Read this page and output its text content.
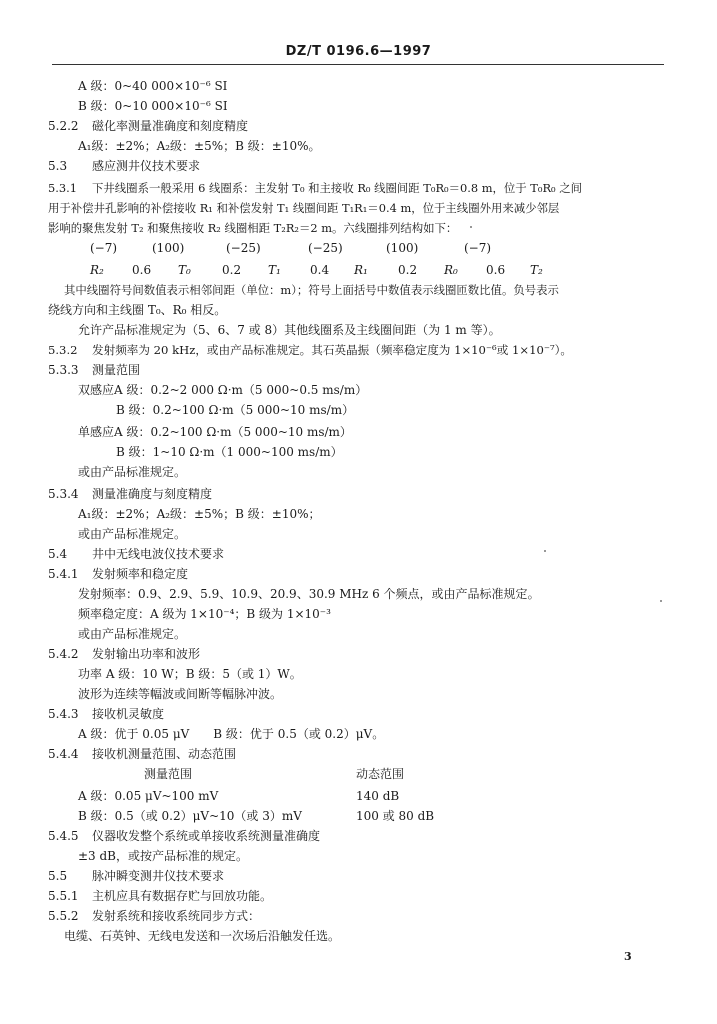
DZ/T 0196.6—1997
A 级：0~40 000×10⁻⁶ SI
B 级：0~10 000×10⁻⁶ SI
5.2.2 磁化率测量准确度和刻度精度
A₁级：±2%；A₂级：±5%；B 级：±10%。
5.3 感应测井仪技术要求
5.3.1 下井线圈系一般采用 6 线圈系：主发射 T₀ 和主接收 R₀ 线圈间距 T₀R₀＝0.8 m，位于 T₀R₀ 之间
用于补偿井孔影响的补偿接收 R₁ 和补偿发射 T₁ 线圈间距 T₁R₁＝0.4 m，位于主线圈外用来减少邻层
影响的聚焦发射 T₂ 和聚焦接收 R₂ 线圈相距 T₂R₂＝2 m。六线圈排列结构如下：
(−7)	(100)	(−25)	(−25)	(100)	(−7)
R₂ 0.6 T₀	0.2 T₁ 0.4 R₁	0.2 R₀ 0.6 T₂
其中线圈符号间数值表示相邻间距（单位：m）；符号上面括号中数值表示线圈匝数比值。负号表示
绕线方向和主线圈 T₀、R₀ 相反。
允许产品标准规定为（5、6、7 或 8）其他线圈系及主线圈间距（为 1 m 等）。
5.3.2 发射频率为 20 kHz，或由产品标准规定。其石英晶振（频率稳定度为 1×10⁻⁶或 1×10⁻⁷）。
5.3.3 测量范围
双感应A 级：0.2~2 000 Ω·m（5 000~0.5 ms/m）
B 级：0.2~100 Ω·m（5 000~10 ms/m）
单感应A 级：0.2~100 Ω·m（5 000~10 ms/m）
B 级：1~10 Ω·m（1 000~100 ms/m）
或由产品标准规定。
5.3.4 测量准确度与刻度精度
A₁级：±2%；A₂级：±5%；B 级：±10%；
或由产品标准规定。
5.4 井中无线电波仪技术要求
5.4.1 发射频率和稳定度
发射频率：0.9、2.9、5.9、10.9、20.9、30.9 MHz 6 个频点，或由产品标准规定。
频率稳定度：A 级为 1×10⁻⁴；B 级为 1×10⁻³
或由产品标准规定。
5.4.2 发射输出功率和波形
功率 A 级：10 W；B 级：5（或 1）W。
波形为连续等幅波或间断等幅脉冲波。
5.4.3 接收机灵敏度
A 级：优于 0.05 μV　　B 级：优于 0.5（或 0.2）μV。
5.4.4 接收机测量范围、动态范围
测量范围	动态范围
A 级：0.05 μV~100 mV	140 dB
B 级：0.5（或 0.2）μV~10（或 3）mV	100 或 80 dB
5.4.5 仪器收发整个系统或单接收系统测量准确度
±3 dB，或按产品标准的规定。
5.5 脉冲瞬变测井仪技术要求
5.5.1 主机应具有数据存贮与回放功能。
5.5.2 发射系统和接收系统同步方式：
电缆、石英钟、无线电发送和一次场后沿触发任选。
3
